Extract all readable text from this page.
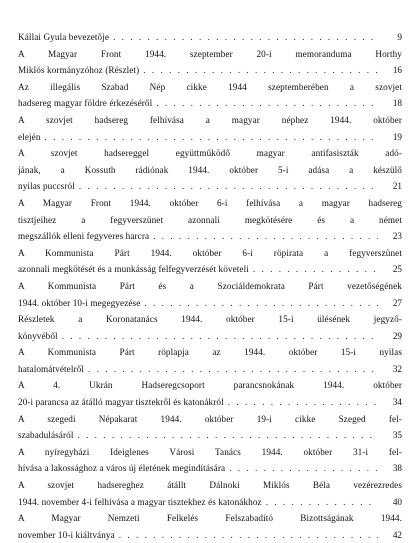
Kállai Gyula bevezetője . . .	9
A Magyar Front 1944. szeptember 20-i memoranduma Horthy
Miklós kormányzóhoz (Részlet) . . .	16
Az illegális Szabad Nép cikke 1944 szeptemberében a szovjet
hadsereg magyar földre érkezéséről . . .	18
A szovjet hadsereg felhívása a magyar néphez 1944. október
elején . . .	19
A szovjet hadsereggel együttműködő magyar antifasiszták adó-
jának, a Kossuth rádiónak 1944. október 5-i adása a készülő
nyilas puccsról . . .	21
A Magyar Front 1944. október 6-i felhívása a magyar hadsereg
tisztjeihez a fegyverszünet azonnali megkötésére és a német
megszállók elleni fegyveres harcra . . .	23
A Kommunista Párt 1944. október 6-i röpirata a fegyverszünet
azonnali megkötését és a munkásság felfegyverzését követeli . . .	25
A Kommunista Párt és a Szociáldemokrata Párt vezetőségének
1944. október 10-i megegyezése . . .	27
Részletek a Koronatanács 1944. október 15-i ülésének jegyző-
könyvéből . . .	29
A Kommunista Párt röplapja az 1944. október 15-i nyilas
hatalomátvételről . . .	32
A 4. Ukrán Hadseregcsoport parancsnokának 1944. október
20-i parancsa az átálló magyar tisztekről és katonákról . . .	34
A szegedi Népakarat 1944. október 19-i cikke Szeged fel-
szabadulásáról . . .	35
A nyíregyházi Ideiglenes Városi Tanács 1944. október 31-i fel-
hívása a lakossághoz a város új életének megindítására . . .	38
A szovjet hadsereghez átállt Dálnoki Miklós Béla vezérezredes
1944. november 4-i felhívása a magyar tisztekhez és katonákhoz . . .	40
A Magyar Nemzeti Felkelés Felszabadító Bizottságának 1944.
november 10-i kiáltványa . . .	42
